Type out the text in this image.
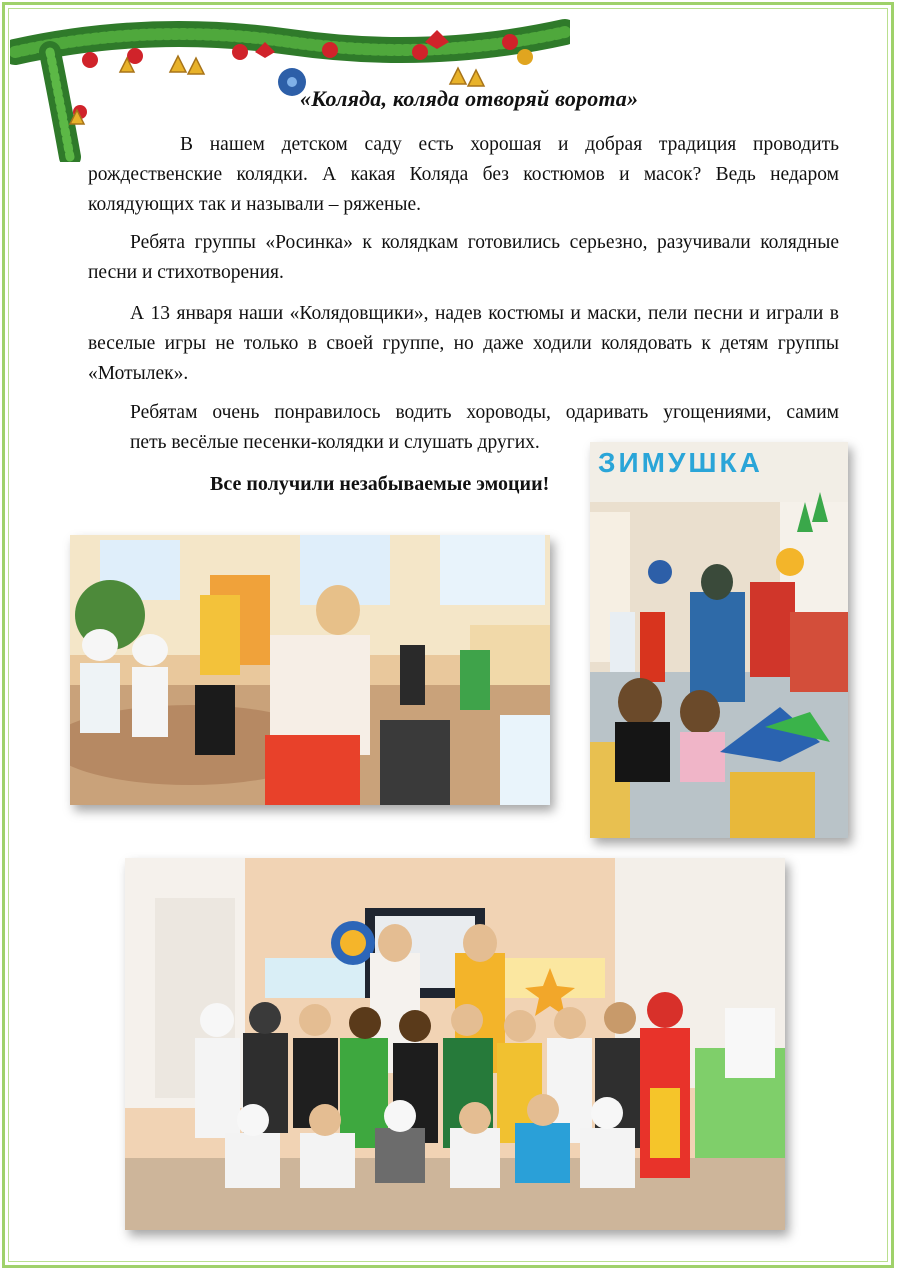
«Коляда, коляда отворяй ворота»

В нашем детском саду есть хорошая и добрая традиция проводить рождественские колядки. А какая Коляда без костюмов и масок? Ведь недаром колядующих так и называли – ряженые.

Ребята группы «Росинка» к колядкам готовились серьезно, разучивали колядные песни и стихотворения.

А 13 января наши «Колядовщики», надев костюмы и маски, пели песни и играли в веселые игры не только в своей группе, но даже ходили колядовать к детям группы «Мотылек».

Ребятам очень понравилось водить хороводы, одаривать угощениями, самим
петь весёлые песенки-колядки и слушать других.

Все получили незабываемые эмоции!
ЗИМУШКА
